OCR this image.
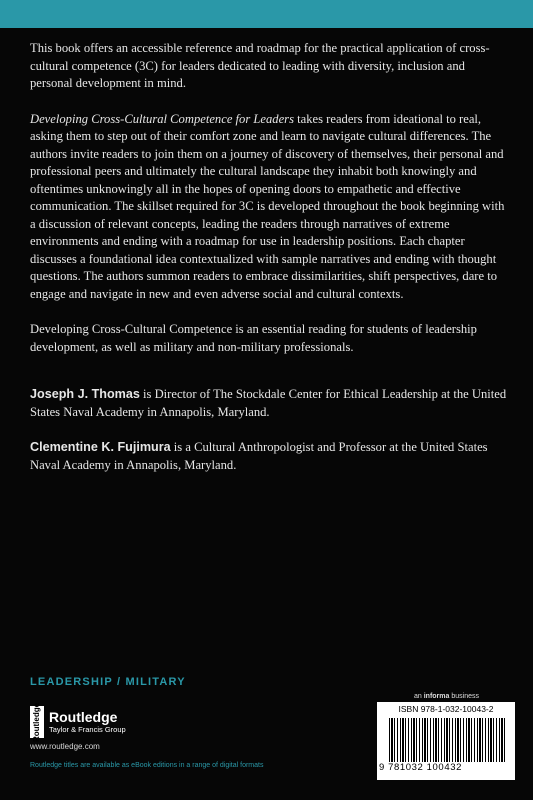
This book offers an accessible reference and roadmap for the practical application of cross-cultural competence (3C) for leaders dedicated to leading with diversity, inclusion and personal development in mind.

Developing Cross-Cultural Competence for Leaders takes readers from ideational to real, asking them to step out of their comfort zone and learn to navigate cultural differences. The authors invite readers to join them on a journey of discovery of themselves, their personal and professional peers and ultimately the cultural landscape they inhabit both knowingly and oftentimes unknowingly all in the hopes of opening doors to empathetic and effective communication. The skillset required for 3C is developed throughout the book beginning with a discussion of relevant concepts, leading the readers through narratives of extreme environments and ending with a roadmap for use in leadership positions. Each chapter discusses a foundational idea contextualized with sample narratives and ending with thought questions. The authors summon readers to embrace dissimilarities, shift perspectives, dare to engage and navigate in new and even adverse social and cultural contexts.

Developing Cross-Cultural Competence is an essential reading for students of leadership development, as well as military and non-military professionals.

Joseph J. Thomas is Director of The Stockdale Center for Ethical Leadership at the United States Naval Academy in Annapolis, Maryland.

Clementine K. Fujimura is a Cultural Anthropologist and Professor at the United States Naval Academy in Annapolis, Maryland.

LEADERSHIP / MILITARY
Routledge Routledge
Taylor & Francis Group
www.routledge.com
Routledge titles are available as eBook editions in a range of digital formats
an informa business
ISBN 978-1-032-10043-2
9 781032 100432
